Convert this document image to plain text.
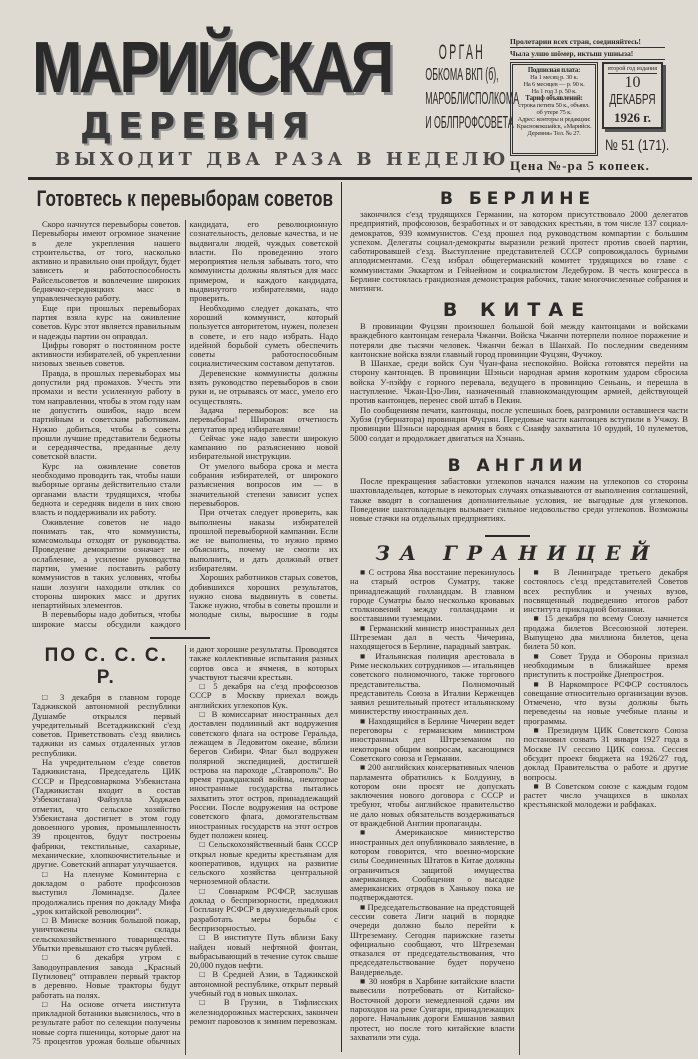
МАРИЙСКАЯ
ДЕРЕВНЯ
ВЫХОДИТ ДВА РАЗА В НЕДЕЛЮ
ОРГАН
ОБКОМА ВКП (б),
МАРОБЛИСПОЛКОМА
И ОБЛПРОФСОВЕТА
Пролетарии всех стран, соединяйтесь!
Чыла улшо шӧмер, иктыш ушныза!
Подписная плата:
На 1 месяц р. 30 к.
На 6 месяцев — р. 90 к.
На 1 год 3 р. 50 к.
Тариф объявлений:
строка петита 50 к., объявл. об утере 75 к.
Адрес: конторы и редакции: Краснококшайск, «Марийск. Деревня» Тел. № 27.
второй год издания
10
ДЕКАБРЯ
1926 г.
№ 51 (171).
Цена №-ра 5 копеек.
Готовтесь к перевыборам советов

Скоро начнутся перевыборы советов. Перевыборы имеют огромное значение в деле укрепления нашего строительства, от того, насколько активно и правильно они пройдут, будет зависеть и работоспособность Райсельсоветов и вовлечение широких беднячко-середняцких масс в управленческую работу.

Еще при прошлых перевыборах партия взяла курс на оживление советов. Курс этот является правильным и надежды партии он оправдал.

Цифры говорят о постоянном росте активности избирателей, об укреплении низовых звеньев советов.

Правда, в прошлых перевыборах мы допустили ряд промахов. Учесть эти промахи и вести усиленную работу в том направлении, чтобы в этом году нам не допустить ошибок, надо всем партийным и советским работникам. Нужно добиться, чтобы в советы прошли лучшие представители бедноты и середнячества, преданные делу советской власти.

Курс на оживление советов необходимо проводить так, чтобы наши выборные органы действительно стали органами власти трудящихся, чтобы беднота и середняк видели в них свою власть и поддерживали их работу.

Оживление советов не надо понимать так, что коммунисты, комсомольцы отходят от руководства. Проведение демократии означает не ослабление, а усиление руководства партии, умение поставить работу коммунистов в таких условиях, чтобы наши лозунги находили отклик со стороны широких масс и других непартийных элементов.

В перевыборы надо добиться, чтобы широкие массы обсудили каждого кандидата, его революционную сознательность, деловые качества, и не выдвигали людей, чуждых советской власти. По проведению этого мероприятия нельзя забывать того, что коммунисты должны являться для масс примером, и каждого кандидата, выдвинутого избирателями, надо проверить.

Необходимо следует доказать, что хороший коммунист, который пользуется авторитетом, нужен, полезен в совете, и его надо избрать. Надо идейной борьбой суметь обеспечить советы работоспособным социалистическим составом депутатов.

Деревенские коммунисты должны взять руководство перевыборов в свои руки и, не отрываясь от масс, умело его осуществлять.

Задача перевыборов: все на перевыборы! Широкая отчетность депутатов пред избирателями!

Сейчас уже надо завести широкую кампанию по разъяснению новой избирательной инструкции.

От умелого выбора срока и места собрания избирателей, от широкого разъяснения вопросов им — в значительной степени зависит успех перевыборов.

При отчетах следует проверить, как выполнены наказы избирателей прошлой перевыборной кампании. Если же не выполнены, то нужно прямо объяснить, почему не смогли их выполнить, и дать должный ответ избирателям.

Хороших работников старых советов, добившихся хороших результатов, нужно снова выдвинуть в советы. Также нужно, чтобы в советы прошли и молодые силы, выросшие в годы

ПО С. С. С. Р.

□ 3 декабря в главном городе Таджикской автономной республики Душамбе открылся первый учредительный Всетаджикский с'езд советов. Приветствовать с'езд явились таджики из самых отдаленных углов республики.

На учредительном с'езде советов Таджикистана, Председатель ЦИК СССР и Предсовнаркома Узбекистана (Таджикистан входит в состав Узбекистана) Файзулла Ходжаев отметил, что сельское хозяйство Узбекистана достигнет в этом году довоенного уровня, промышленность 39 процентов, будут построены фабрики, текстильные, сахарные, механические, хлопкоочистительные и другие. Советский аппарат улучшается.

□ На пленуме Коминтерна с докладом о работе профсоюзов выступил Ломинадзе. Далее продолжались прения по докладу Мифа „урок китайской революции“.

□ В Минске возник большой пожар, уничтожены склады сельскохозяйственного товарищества. Убытки превышают сто тысяч рублей.

□ 6 декабря утром с Заводоуправления завода „Красный Путиловец“ отправлен первый трактор в деревню. Новые тракторы будут работать на полях.

□ На основе отчета института прикладной ботаники выяснилось, что в результате работ по селекции получены новые сорта пшеницы, которые дают на 75 процентов урожая больше обычных и дают хорошие результаты. Проводятся также коллективные испытания разных сортов овса и ячменя, в которых участвуют тысячи крестьян.

□ 5 декабря на с'езд профсоюзов СССР в Москву приехал вождь английских углекопов Кук.

□ В комиссариат иностранных дел доставлен подлинный акт водружения советского флага на острове Геральда, лежащем в Ледовитом океане, вблизи берегов Сибири. Флаг был водружен полярной экспедицией, достигшей острова на пароходе „Ставрополь“. Во время гражданской войны, некоторые иностранные государства пытались захватить этот остров, принадлежащий России. После водружения на острове советского флага, домогательствам иностранных государств на этот остров будет положен конец.

□ Сельскохозяйственный банк СССР открыл новые кредиты крестьянам для кооперативов, идущих на развитие сельского хозяйства центральной черноземной области.

□ Совнарком РСФСР, заслушав доклад о беспризорности, предложил Госплану РСФСР в двухнедельный срок разработать меры борьбы с беспризорностью.

□ В институте Путь вблизи Баку найден новый нефтяной фонтан, выбрасывающий в течение суток свыше 20,000 пудов нефти.

□ В Средней Азии, в Таджикской автономной республике, открыт первый учебный год в новых школах.

□ В Грузии, в Тифлисских железнодорожных мастерских, закончен ремонт паровозов к зимним перевозкам.

В БЕРЛИНЕ

закончился с'езд трудящихся Германии, на котором присутствовало 2000 делегатов предприятий, профсоюзов, безработных и от заводских крестьян, в том числе 137 социал-демократов, 939 коммунистов. С'езд прошел под руководством компартии с большим успехом. Делегаты социал-демократы выразили резкий протест против своей партии, саботировавшей с'езд. Выступление представителей СССР сопровождалось бурными аплодисментами. С'езд избрал общегерманский комитет трудящихся во главе с коммунистами Эккартом и Гейнейном и социалистом Ледебуром. В честь конгресса в Берлине состоялась грандиозная демонстрация рабочих, такие многочисленные собрания и митинги.

В КИТАЕ

В провинции Фуцзян произошел большой бой между кантонцами и войсками враждебного кантонцам генерала Чжанчи. Войска Чжанчи потерпели полное поражение и потеряли две тысячи человек. Чжанчи бежал в Шанхай. По последним сведениям кантонские войска взяли главный город провинции Фуцзян, Фучжоу.

В Шанхае, среди войск Сун Чуан-фана неспокойно. Войска готовятся перейти на сторону кантонцев. В провинции Шэньси народная армия коротким ударом сбросила войска У-пэйфу с горного перевала, ведущего в провинцию Сеньань, и перешла в наступление. Чжан-Цзо-Лин, назначенный главнокомандующим армией, действующей против кантонцев, перенес свой штаб в Пекин.

По сообщениям печати, кантонцы, после успешных боев, разгромили оставшиеся части Хубэя (губернатора) провинции Фуцзян. Передовые части кантонцев вступили в Учжоу. В провинции Шэньси народная армия в боях с Сиаяфу захватила 10 орудий, 10 пулеметов, 5000 солдат и продолжает двигаться на Хэнань.

В АНГЛИИ

После прекращения забастовки углекопов начался нажим на углекопов со стороны шахтовладельцев, которые в некоторых случаях отказываются от выполнения соглашений, также вводят в соглашения дополнительные условия, не выгодные для углекопов. Поведение шахтовладельцев вызывает сильное недовольство среди углекопов. Возможны новые стачки на отдельных предприятиях.

ЗА ГРАНИЦЕЙ

■ С острова Ява восстание перекинулось на старый остров Суматру, также принадлежащий голландцам. В главном городе Суматры было несколько кровавых столкновений между голландцами и восставшими туземцами.

■ Германский министр иностранных дел Штреземан дал в честь Чичерина, находящегося в Берлине, парадный завтрак.

■ Итальянская полиция арестовала в Риме нескольких сотрудников — итальянцев советского полномочного, также торгового представительства. Полномочный представитель Союза в Италии Керженцев заявил решительный протест итальянскому министерству иностранных дел.

■ Находящийся в Берлине Чичерин ведет переговоры с германским министром иностранных дел Штреземаном по некоторым общим вопросам, касающимся Советского союза и Германии.

■ 200 английских консервативных членов парламента обратились к Болдуину, в котором они просят не допускать заключения нового договора с СССР и требуют, чтобы английское правительство не дало новых обязательств воздерживаться от враждебной Англии пропаганды.

■ Американское министерство иностранных дел опубликовало заявление, в котором говорится, что военно-морские силы Соединенных Штатов в Китае должны ограничиться защитой имущества американцев. Сообщения о высадке американских отрядов в Ханькоу пока не подтверждаются.

■ Председательствование на предстоящей сессии совета Лиги наций в порядке очереди должно было перейти к Штреземану. Сегодня парижские газеты официально сообщают, что Штреземан отказался от председательствования, что председательствование будет поручено Вандервельде.

■ 30 ноября в Харбине китайские власти вывесили потребовать от Китайско-Восточной дороги немедленной сдачи им пароходов на реке Сунгари, принадлежащих дороге. Начальник дороги Емшанов заявил протест, но после того китайские власти захватили эти суда.

■ В Ленинграде третьего декабря состоялось с'езд представителей Советов всех республик и ученых вузов, посвященный подведению итогов работ института прикладной ботаники.

■ 15 декабря по всему Союзу начнется продажа билетов Всесоюзной лотереи. Выпущено два миллиона билетов, цена билета 50 коп.

■ Совет Труда и Обороны признал необходимым в ближайшее время приступить к постройке Днепростроя.

■ В Наркомпросе РСФСР состоялось совещание относительно организации вузов. Отмечено, что вузы должны быть переведены на новые учебные планы и программы.

■ Президиум ЦИК Советского Союза постановил созвать 31 января 1927 года в Москве IV сессию ЦИК союза. Сессия обсудит проект бюджета на 1926/27 год, доклад Правительства о работе и другие вопросы.

■ В Советском союзе с каждым годом растет число учащихся в школах крестьянской молодежи и рабфаках.
